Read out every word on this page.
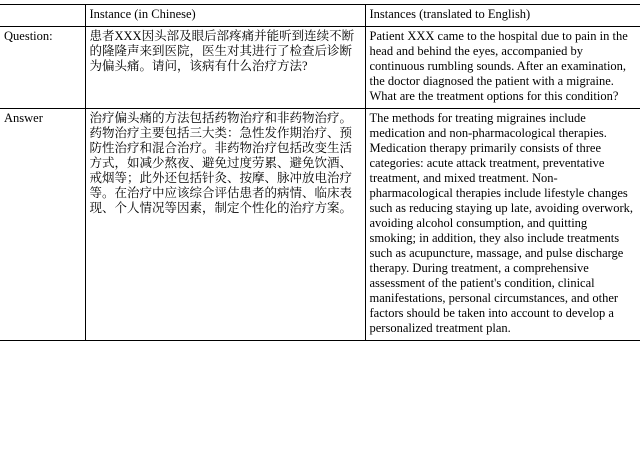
	Instance (in Chinese)	Instances (translated to English)
Question:	患者XXX因头部及眼后部疼痛并能听到连续不断的隆隆声来到医院，医生对其进行了检查后诊断为偏头痛。请问，该病有什么治疗方法?	Patient XXX came to the hospital due to pain in the head and behind the eyes, accompanied by continuous rumbling sounds. After an examination, the doctor diagnosed the patient with a migraine. What are the treatment options for this condition?
Answer	治疗偏头痛的方法包括药物治疗和非药物治疗。药物治疗主要包括三大类：急性发作期治疗、预防性治疗和混合治疗。非药物治疗包括改变生活方式，如减少熬夜、避免过度劳累、避免饮酒、戒烟等；此外还包括针灸、按摩、脉冲放电治疗等。在治疗中应该综合评估患者的病情、临床表现、个人情况等因素，制定个性化的治疗方案。	The methods for treating migraines include medication and non-pharmacological therapies. Medication therapy primarily consists of three categories: acute attack treatment, preventative treatment, and mixed treatment. Non-pharmacological therapies include lifestyle changes such as reducing staying up late, avoiding overwork, avoiding alcohol consumption, and quitting smoking; in addition, they also include treatments such as acupuncture, massage, and pulse discharge therapy. During treatment, a comprehensive assessment of the patient's condition, clinical manifestations, personal circumstances, and other factors should be taken into account to develop a personalized treatment plan.
